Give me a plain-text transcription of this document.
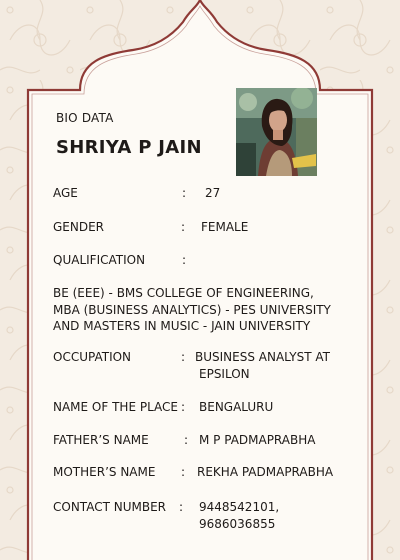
BIO DATA
SHRIYA P JAIN
AGE	: 27
GENDER	: FEMALE
QUALIFICATION	:
BE (EEE) - BMS COLLEGE OF ENGINEERING,
MBA (BUSINESS ANALYTICS) - PES UNIVERSITY
AND MASTERS IN MUSIC - JAIN UNIVERSITY
OCCUPATION	: BUSINESS ANALYST AT
EPSILON
NAME OF THE PLACE : BENGALURU
FATHER’S NAME	: M P PADMAPRABHA
MOTHER’S NAME : REKHA PADMAPRABHA
CONTACT NUMBER : 9448542101,
9686036855
